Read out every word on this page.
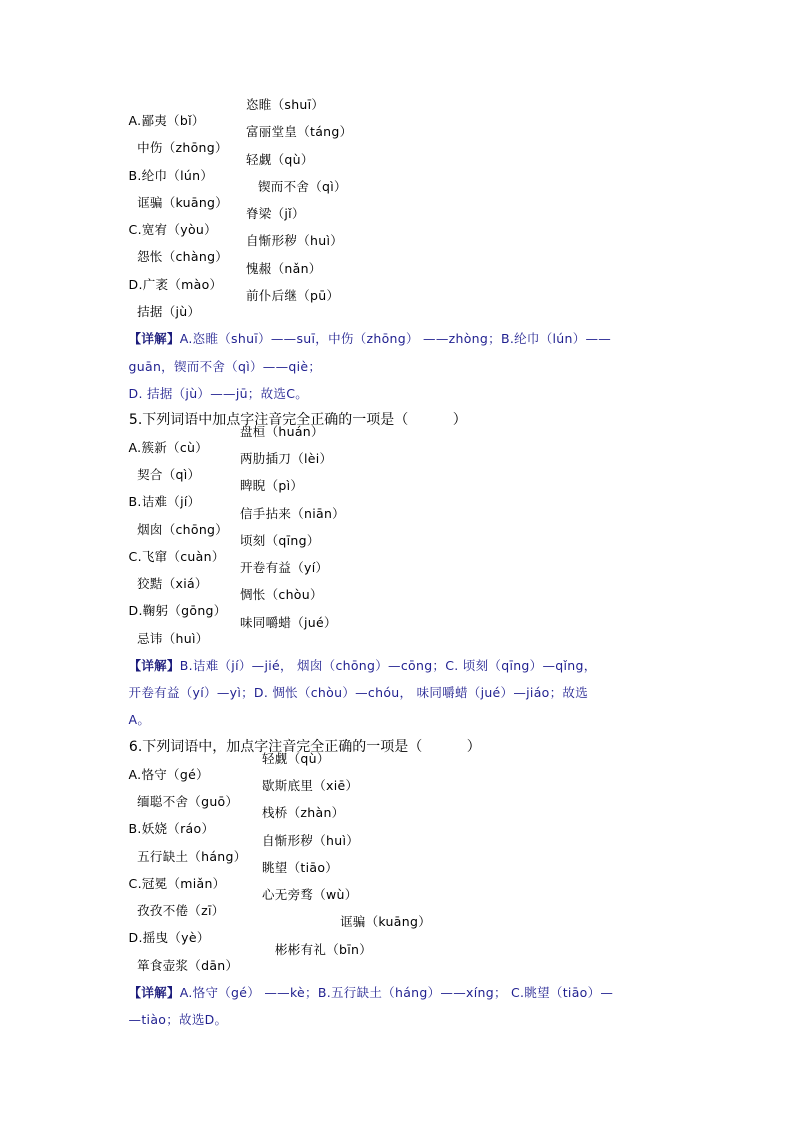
A.鄙夷（bǐ）

恣睢（shuī）

中伤（zhōng）

富丽堂皇（táng）

B.纶巾（lún）

轻觑（qù）

诓骗（kuāng）

锲而不舍（qì）

C.宽宥（yòu）

脊梁（jǐ）

怨怅（chàng）

自惭形秽（huì）

D.广袤（mào）

愧赧（nǎn）

拮据（jù）

前仆后继（pū）

【详解】A.恣睢（shuī）——suī，中伤（zhōng） ——zhòng；B.纶巾（lún）——

guān，锲而不舍（qì）——qiè；

D. 拮据（jù）——jū；故选C。

5.下列词语中加点字注音完全正确的一项是（          ）

A.簇新（cù）

盘桓（huán）

契合（qì）

两肋插刀（lèi）

B.诘难（jí）

睥睨（pì）

烟囱（chōng）

信手拈来（niān）

C.飞窜（cuàn）

顷刻（qīng）

狡黠（xiá）

开卷有益（yí）

D.鞠躬（gōng）

惆怅（chòu）

忌讳（huì）

味同嚼蜡（jué）

【详解】B.诘难（jí）—jié， 烟囱（chōng）—cōng；C. 顷刻（qīng）—qǐng，

开卷有益（yí）—yì；D. 惆怅（chòu）—chóu， 味同嚼蜡（jué）—jiáo；故选

A。

6.下列词语中，加点字注音完全正确的一项是（          ）

A.恪守（gé）

轻觑（qù）

缅聪不舍（guō）

歇斯底里（xiē）

B.妖娆（ráo）

栈桥（zhàn）

五行缺土（háng）

自惭形秽（huì）

C.冠冕（miǎn）

眺望（tiāo）

孜孜不倦（zī）

心无旁骛（wù）

D.摇曳（yè）

诓骗（kuāng）

箪食壶浆（dān）

彬彬有礼（bīn）

【详解】A.恪守（gé） ——kè；B.五行缺土（háng）——xíng； C.眺望（tiāo）—

—tiào；故选D。
